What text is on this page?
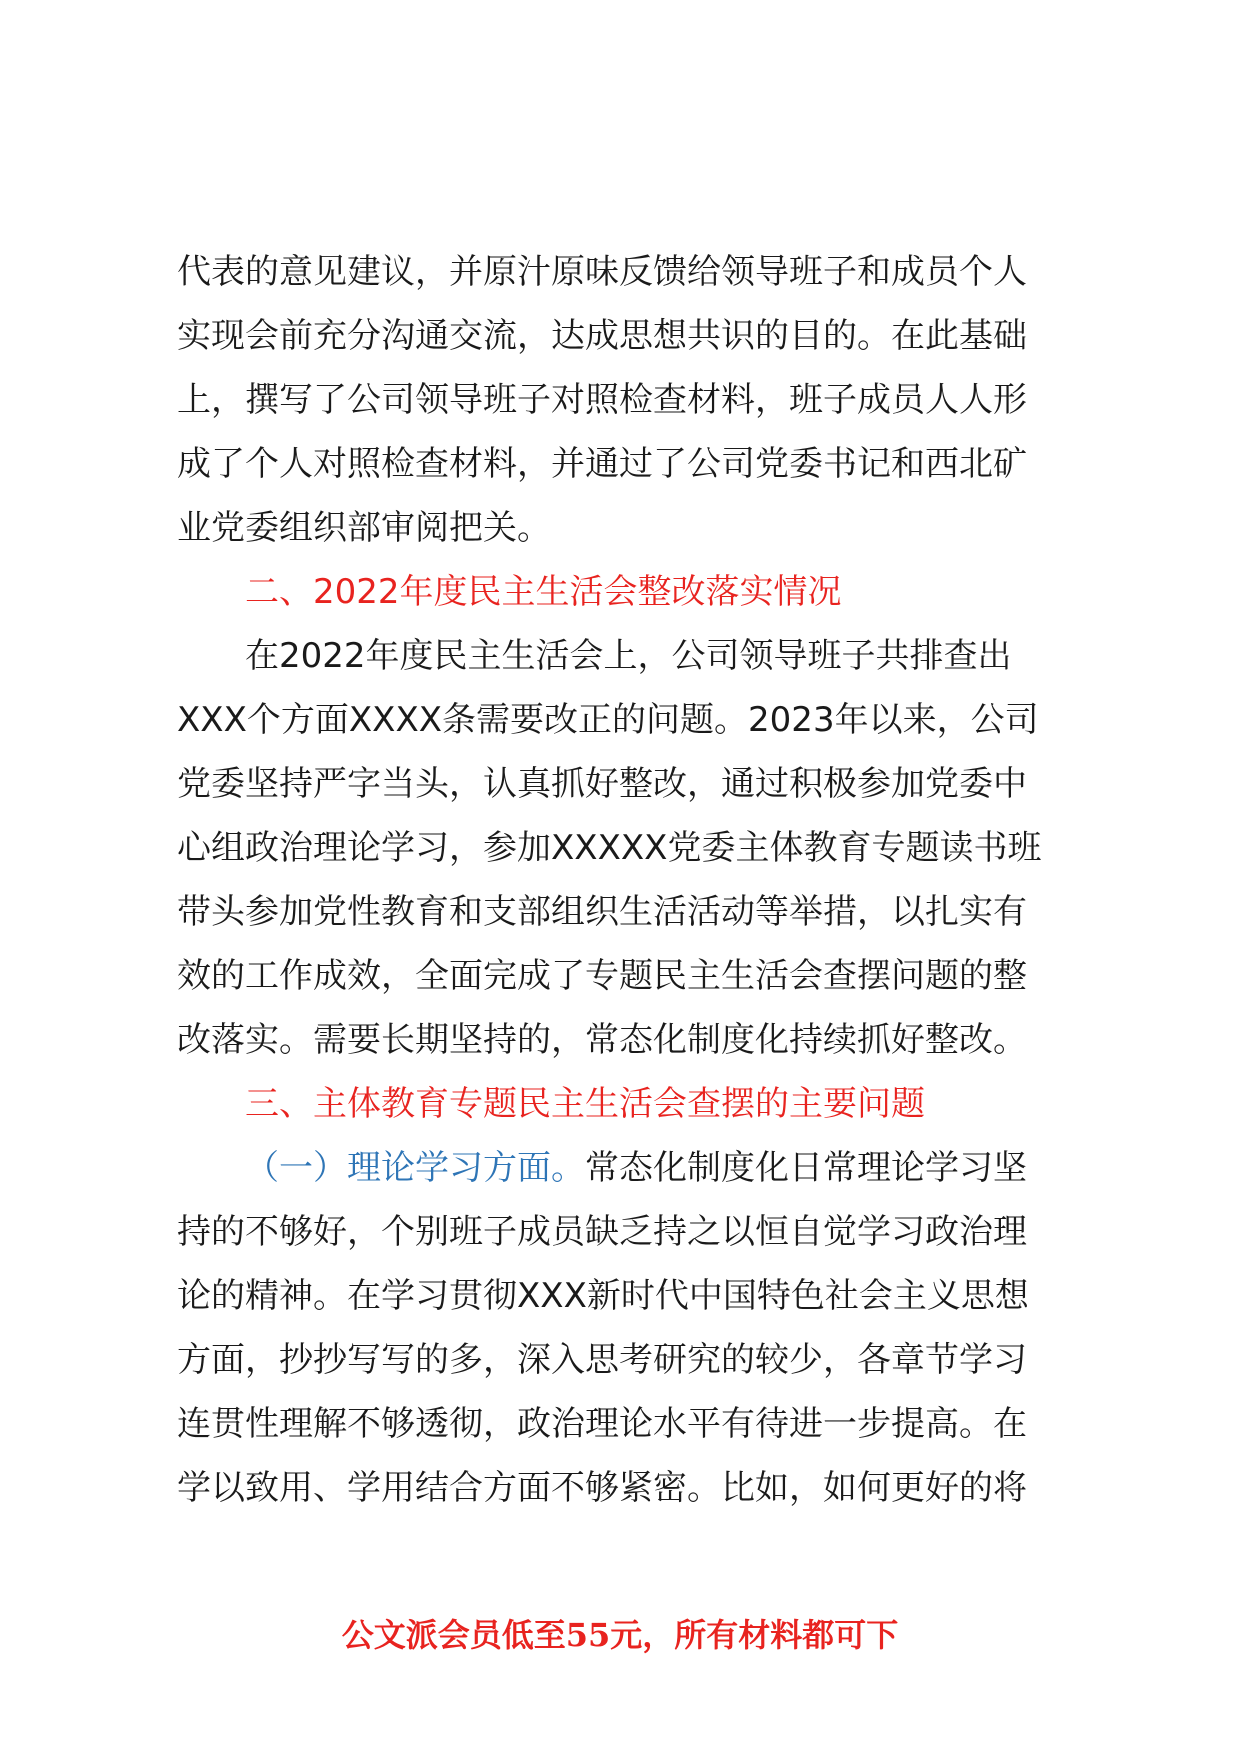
代表的意见建议，并原汁原味反馈给领导班子和成员个人
实现会前充分沟通交流，达成思想共识的目的。在此基础
上，撰写了公司领导班子对照检查材料，班子成员人人形
成了个人对照检查材料，并通过了公司党委书记和西北矿
业党委组织部审阅把关。
二、2022年度民主生活会整改落实情况
在2022年度民主生活会上，公司领导班子共排查出
XXX个方面XXXX条需要改正的问题。2023年以来，公司
党委坚持严字当头，认真抓好整改，通过积极参加党委中
心组政治理论学习，参加XXXXX党委主体教育专题读书班
带头参加党性教育和支部组织生活活动等举措，以扎实有
效的工作成效，全面完成了专题民主生活会查摆问题的整
改落实。需要长期坚持的，常态化制度化持续抓好整改。
三、主体教育专题民主生活会查摆的主要问题
（一）理论学习方面。常态化制度化日常理论学习坚
持的不够好，个别班子成员缺乏持之以恒自觉学习政治理
论的精神。在学习贯彻XXX新时代中国特色社会主义思想
方面，抄抄写写的多，深入思考研究的较少，各章节学习
连贯性理解不够透彻，政治理论水平有待进一步提高。在
学以致用、学用结合方面不够紧密。比如，如何更好的将
公文派会员低至55元，所有材料都可下
